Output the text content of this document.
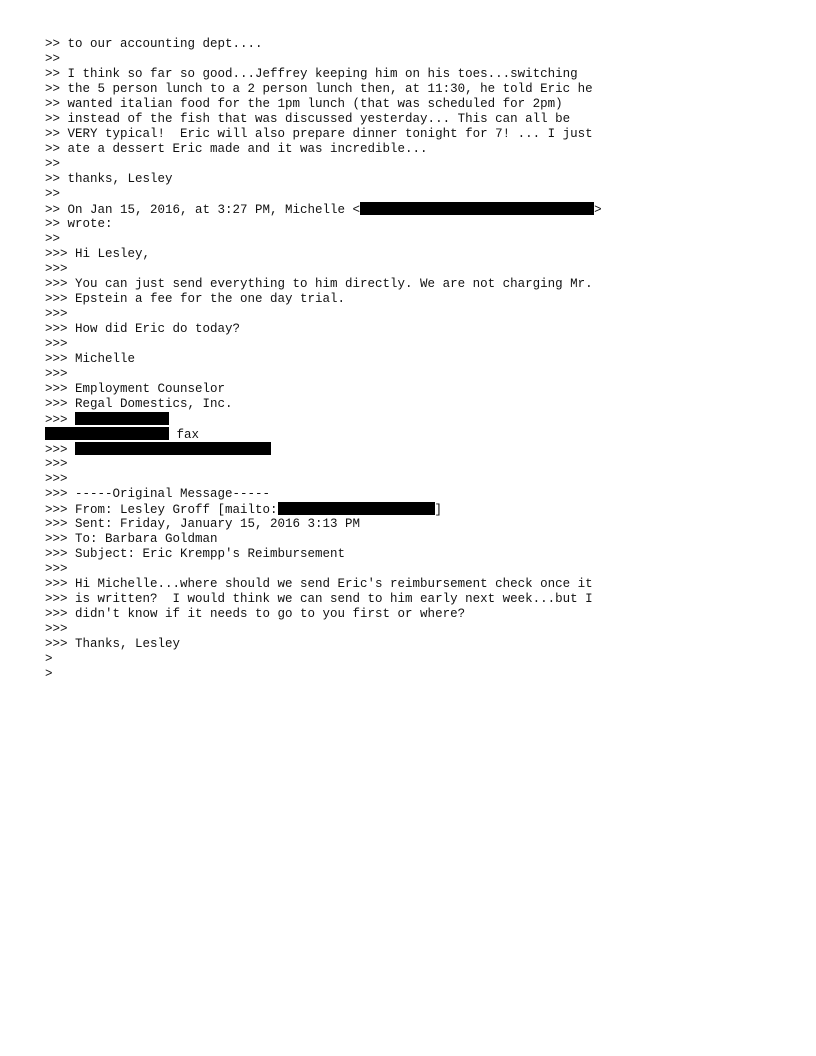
>> to our accounting dept....
>>
>> I think so far so good...Jeffrey keeping him on his toes...switching
>> the 5 person lunch to a 2 person lunch then, at 11:30, he told Eric he
>> wanted italian food for the 1pm lunch (that was scheduled for 2pm)
>> instead of the fish that was discussed yesterday... This can all be
>> VERY typical!  Eric will also prepare dinner tonight for 7! ... I just
>> ate a dessert Eric made and it was incredible...
>>
>> thanks, Lesley
>>
>> On Jan 15, 2016, at 3:27 PM, Michelle <	>
>> wrote:
>>
>>> Hi Lesley,
>>>
>>> You can just send everything to him directly. We are not charging Mr.
>>> Epstein a fee for the one day trial.
>>>
>>> How did Eric do today?
>>>
>>> Michelle
>>>
>>> Employment Counselor
>>> Regal Domestics, Inc.
>>>
fax
>>>
>>>
>>>
>>> -----Original Message-----
>>> From: Lesley Groff [mailto:	]
>>> Sent: Friday, January 15, 2016 3:13 PM
>>> To: Barbara Goldman
>>> Subject: Eric Krempp's Reimbursement
>>>
>>> Hi Michelle...where should we send Eric's reimbursement check once it
>>> is written?  I would think we can send to him early next week...but I
>>> didn't know if it needs to go to you first or where?
>>>
>>> Thanks, Lesley
>
>
